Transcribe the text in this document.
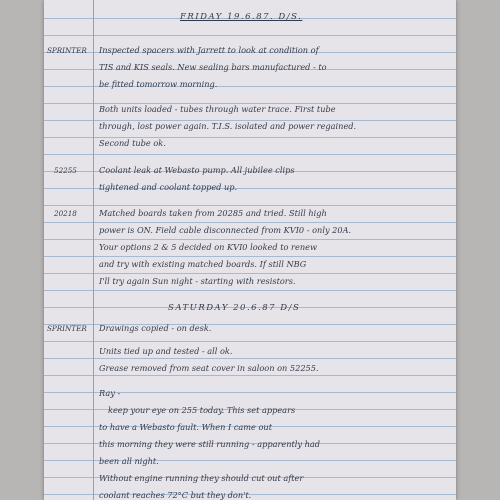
FRIDAY 19.6.87. D/S.
SPRINTER Inspected spacers with Jarrett to look at condition of
TIS and KIS seals. New sealing bars manufactured - to
be fitted tomorrow morning.
Both units loaded - tubes through water trace. First tube
through, lost power again. T.I.S. isolated and power regained.
Second tube ok.
52255	Coolant leak at Webasto pump. All jubilee clips
tightened and coolant topped up.
20218	Matched boards taken from 20285 and tried. Still high
power is ON. Field cable disconnected from KVI0 - only 20A.
Your options 2 & 5 decided on KVI0 looked to renew
and try with existing matched boards. If still NBG
I'll try again Sun night - starting with resistors.
SATURDAY 20.6.87 D/S
SPRINTER Drawings copied - on desk.
Units tied up and tested - all ok.
Grease removed from seat cover in saloon on 52255.
Ray -
keep your eye on 255 today. This set appears
to have a Webasto fault. When I came out
this morning they were still running - apparently had
been all night.
Without engine running they should cut out after
coolant reaches 72°C but they don't.
